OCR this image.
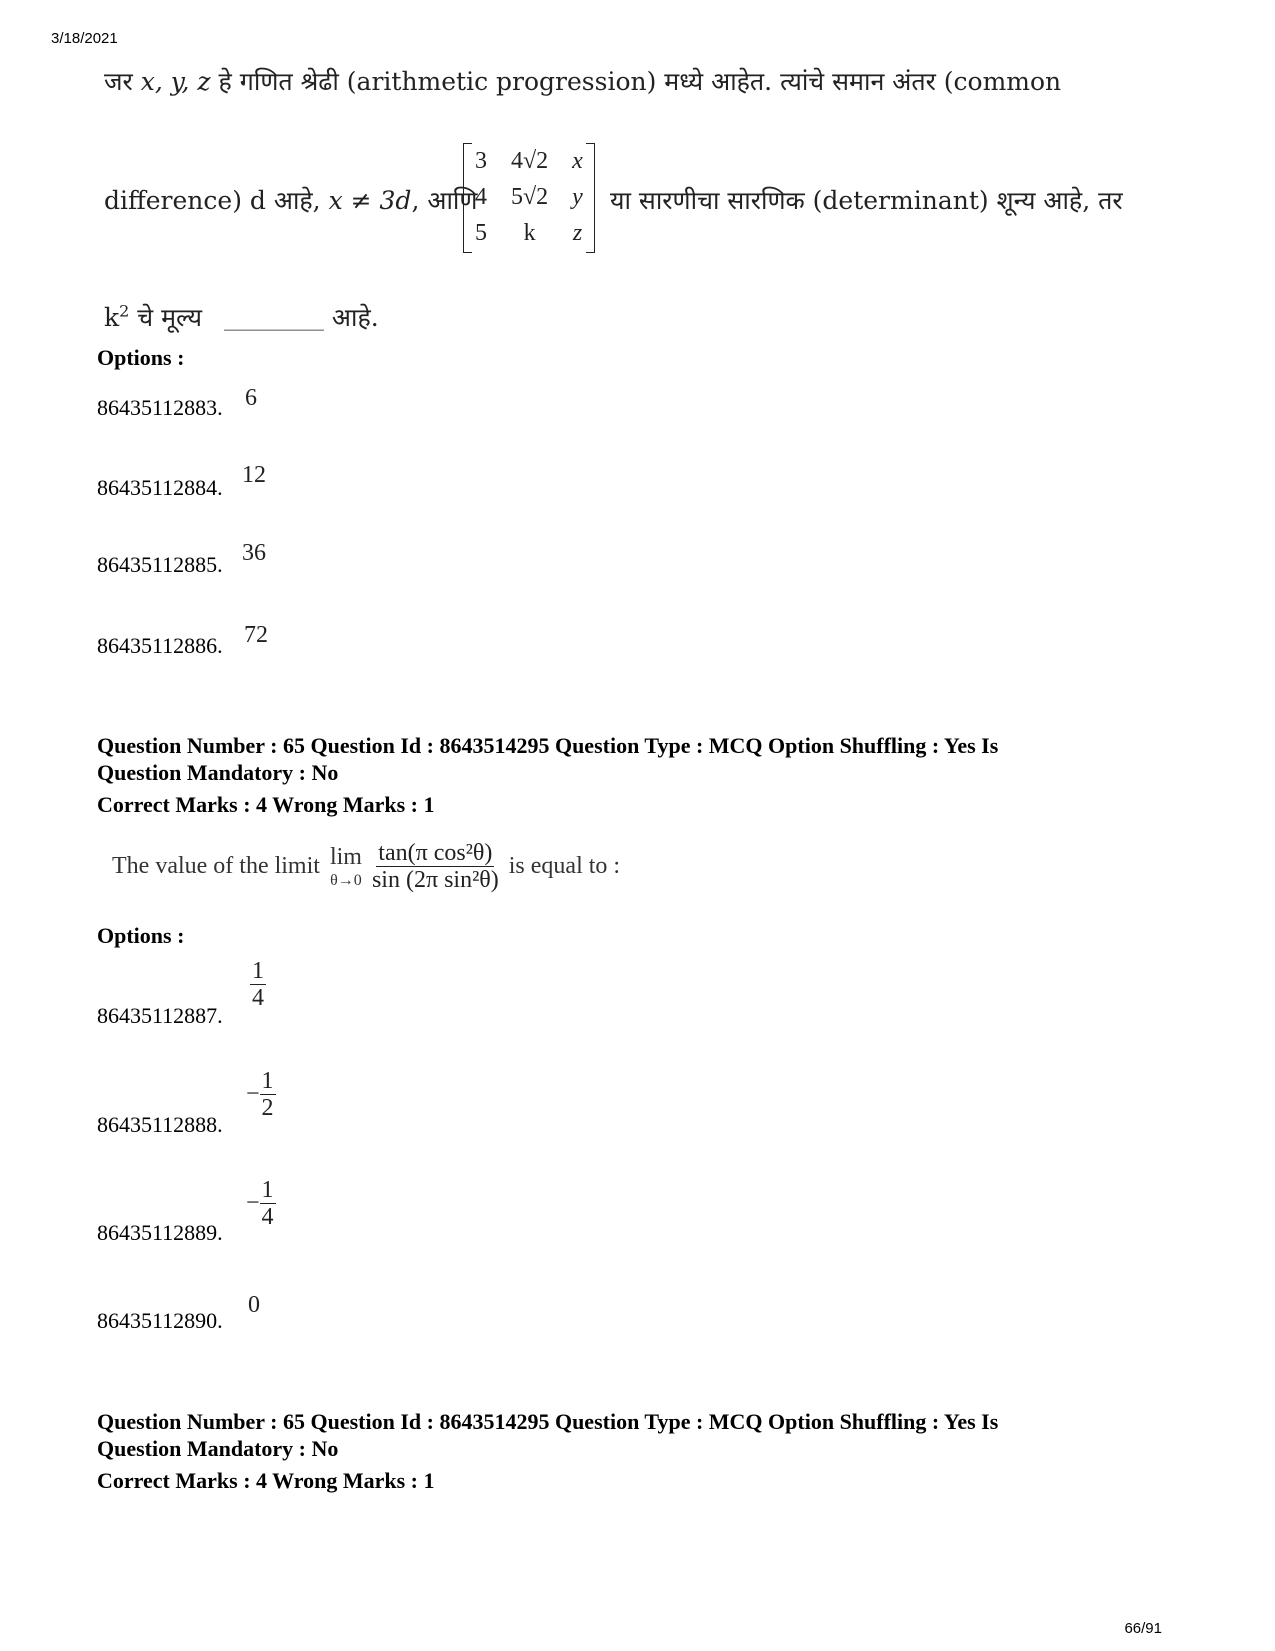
3/18/2021
66/91
जर x, y, z हे गणित श्रेढी (arithmetic progression) मध्ये आहेत. त्यांचे समान अंतर (common
difference) d आहे, x ≠ 3d, आणि
3	4√2	x
4	5√2	y
5	k	z
या सारणीचा सारणिक (determinant) शून्य आहे, तर
$k^2$ चे मूल्य __________ आहे.
Options :
86435112883. 6
86435112884. 12
86435112885. 36
86435112886. 72
Question Number : 65 Question Id : 8643514295 Question Type : MCQ Option Shuffling : Yes Is
Question Mandatory : No
Correct Marks : 4 Wrong Marks : 1
The value of the limit lim
$\theta\to 0 \frac{\text{tan(π cos²θ)}}{\text{sin (2π sin²θ)}}$ is equal to :
Options :
86435112887.
$\frac{1}{4}$
86435112888.
− $\frac{1}{2}$
86435112889.
− $\frac{1}{4}$
86435112890.
0
Question Number : 65 Question Id : 8643514295 Question Type : MCQ Option Shuffling : Yes Is
Question Mandatory : No
Correct Marks : 4 Wrong Marks : 1
